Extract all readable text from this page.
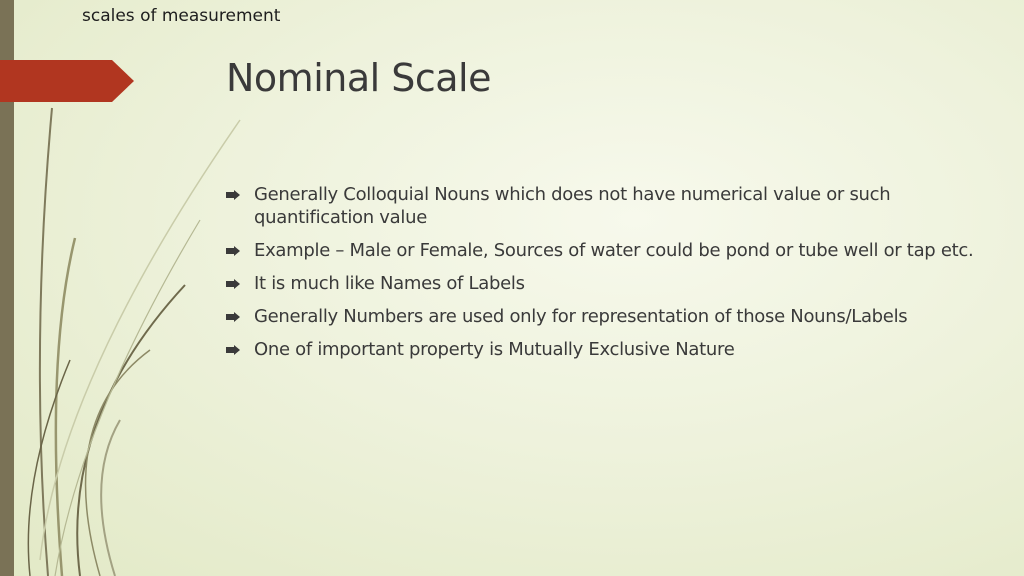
scales of measurement
Nominal Scale
Generally Colloquial Nouns which does not have numerical value or such quantification value
Example – Male or Female, Sources of water could be pond or tube well or tap etc.
It is much like Names of Labels
Generally Numbers are used only for representation of those Nouns/Labels
One of important property is Mutually Exclusive Nature
